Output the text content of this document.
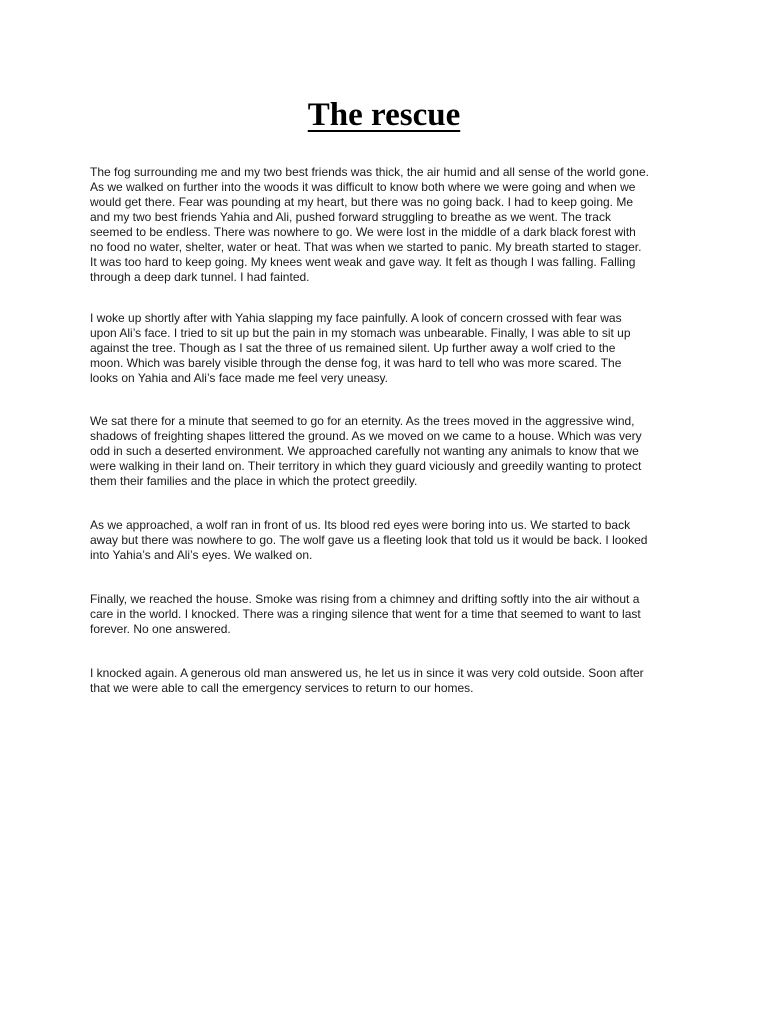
The rescue

The fog surrounding me and my two best friends was thick, the air humid and all sense of the world gone.
As we walked on further into the woods it was difficult to know both where we were going and when we
would get there. Fear was pounding at my heart, but there was no going back. I had to keep going. Me
and my two best friends Yahia and Ali, pushed forward struggling to breathe as we went. The track
seemed to be endless. There was nowhere to go. We were lost in the middle of a dark black forest with
no food no water, shelter, water or heat. That was when we started to panic. My breath started to stager.
It was too hard to keep going. My knees went weak and gave way. It felt as though I was falling. Falling
through a deep dark tunnel. I had fainted.

I woke up shortly after with Yahia slapping my face painfully. A look of concern crossed with fear was
upon Ali’s face. I tried to sit up but the pain in my stomach was unbearable. Finally, I was able to sit up
against the tree. Though as I sat the three of us remained silent. Up further away a wolf cried to the
moon. Which was barely visible through the dense fog, it was hard to tell who was more scared. The
looks on Yahia and Ali’s face made me feel very uneasy.

We sat there for a minute that seemed to go for an eternity. As the trees moved in the aggressive wind,
shadows of freighting shapes littered the ground. As we moved on we came to a house. Which was very
odd in such a deserted environment. We approached carefully not wanting any animals to know that we
were walking in their land on. Their territory in which they guard viciously and greedily wanting to protect
them their families and the place in which the protect greedily.

As we approached, a wolf ran in front of us. Its blood red eyes were boring into us. We started to back
away but there was nowhere to go. The wolf gave us a fleeting look that told us it would be back. I looked
into Yahia’s and Ali’s eyes. We walked on.

Finally, we reached the house. Smoke was rising from a chimney and drifting softly into the air without a
care in the world. I knocked. There was a ringing silence that went for a time that seemed to want to last
forever. No one answered.

I knocked again. A generous old man answered us, he let us in since it was very cold outside. Soon after
that we were able to call the emergency services to return to our homes.
